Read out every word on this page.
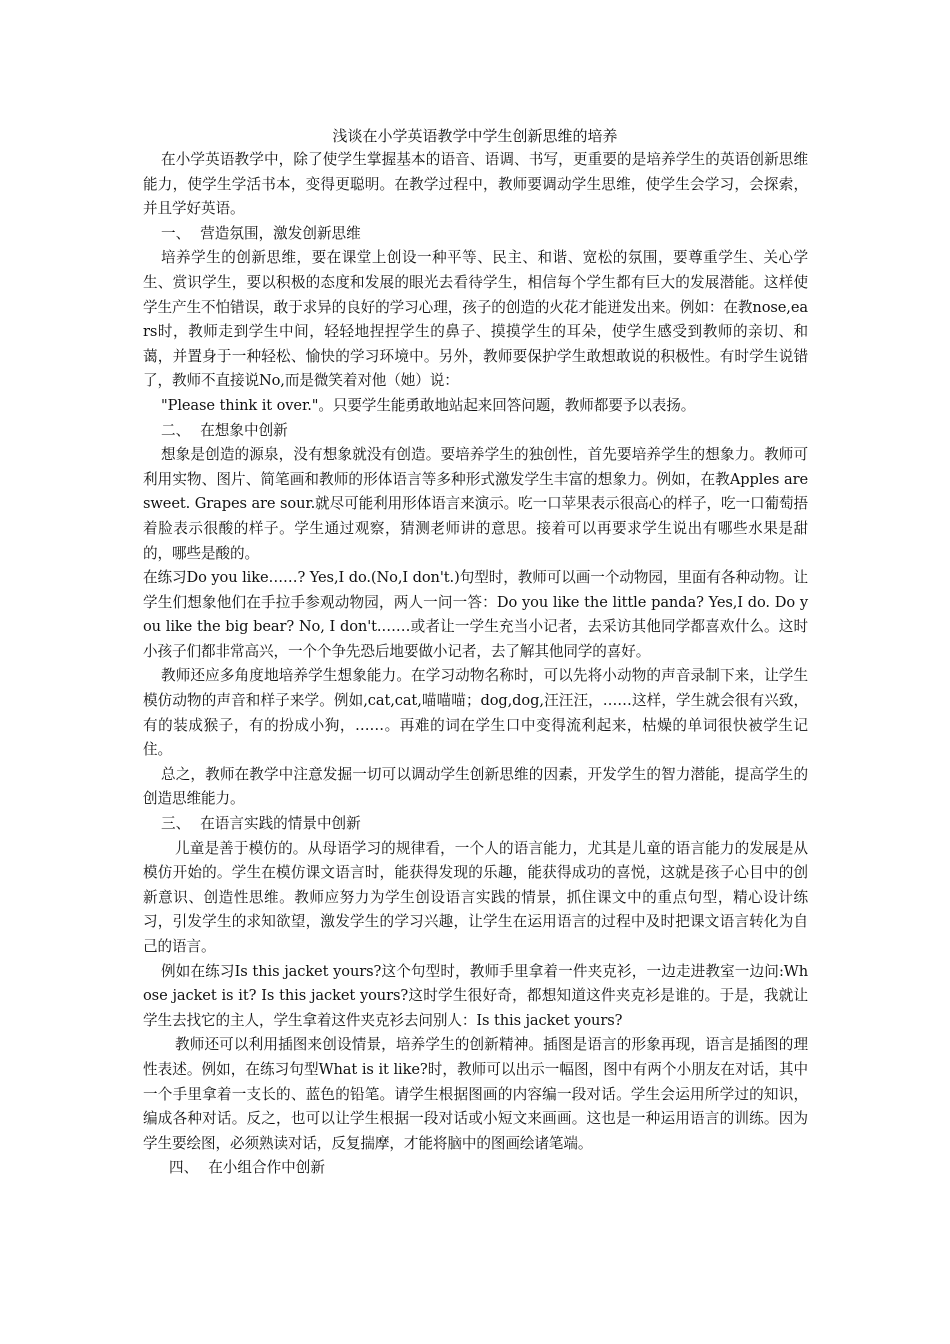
浅谈在小学英语教学中学生创新思维的培养

在小学英语教学中，除了使学生掌握基本的语音、语调、书写，更重要的是培养学生的英语创新思维能力，使学生学活书本，变得更聪明。在教学过程中，教师要调动学生思维，使学生会学习，会探索，并且学好英语。

一、 营造氛围，激发创新思维

培养学生的创新思维，要在课堂上创设一种平等、民主、和谐、宽松的氛围，要尊重学生、关心学生、赏识学生，要以积极的态度和发展的眼光去看待学生，相信每个学生都有巨大的发展潜能。这样使学生产生不怕错误，敢于求异的良好的学习心理，孩子的创造的火花才能迸发出来。例如：在教nose,ears时，教师走到学生中间，轻轻地捏捏学生的鼻子、摸摸学生的耳朵，使学生感受到教师的亲切、和蔼，并置身于一种轻松、愉快的学习环境中。另外，教师要保护学生敢想敢说的积极性。有时学生说错了，教师不直接说No,而是微笑着对他（她）说：

"Please think it over."。只要学生能勇敢地站起来回答问题，教师都要予以表扬。

二、 在想象中创新

想象是创造的源泉，没有想象就没有创造。要培养学生的独创性，首先要培养学生的想象力。教师可利用实物、图片、简笔画和教师的形体语言等多种形式激发学生丰富的想象力。例如，在教Apples are sweet. Grapes are sour.就尽可能利用形体语言来演示。吃一口苹果表示很高心的样子，吃一口葡萄捂着脸表示很酸的样子。学生通过观察，猜测老师讲的意思。接着可以再要求学生说出有哪些水果是甜的，哪些是酸的。

在练习Do you like……? Yes,I do.(No,I don't.)句型时，教师可以画一个动物园，里面有各种动物。让学生们想象他们在手拉手参观动物园，两人一问一答：Do you like the little panda? Yes,I do. Do you like the big bear? No, I don't.……或者让一学生充当小记者，去采访其他同学都喜欢什么。这时小孩子们都非常高兴，一个个争先恐后地要做小记者，去了解其他同学的喜好。

教师还应多角度地培养学生想象能力。在学习动物名称时，可以先将小动物的声音录制下来，让学生模仿动物的声音和样子来学。例如,cat,cat,喵喵喵；dog,dog,汪汪汪，……这样，学生就会很有兴致，有的装成猴子，有的扮成小狗，……。再难的词在学生口中变得流利起来，枯燥的单词很快被学生记住。

总之，教师在教学中注意发掘一切可以调动学生创新思维的因素，开发学生的智力潜能，提高学生的创造思维能力。

三、 在语言实践的情景中创新

儿童是善于模仿的。从母语学习的规律看，一个人的语言能力，尤其是儿童的语言能力的发展是从模仿开始的。学生在模仿课文语言时，能获得发现的乐趣，能获得成功的喜悦，这就是孩子心目中的创新意识、创造性思维。教师应努力为学生创设语言实践的情景，抓住课文中的重点句型，精心设计练习，引发学生的求知欲望，激发学生的学习兴趣，让学生在运用语言的过程中及时把课文语言转化为自己的语言。

例如在练习Is this jacket yours?这个句型时，教师手里拿着一件夹克衫，一边走进教室一边问:Whose jacket is it? Is this jacket yours?这时学生很好奇，都想知道这件夹克衫是谁的。于是，我就让学生去找它的主人，学生拿着这件夹克衫去问别人：Is this jacket yours?

教师还可以利用插图来创设情景，培养学生的创新精神。插图是语言的形象再现，语言是插图的理性表述。例如，在练习句型What is it like?时，教师可以出示一幅图，图中有两个小朋友在对话，其中一个手里拿着一支长的、蓝色的铅笔。请学生根据图画的内容编一段对话。学生会运用所学过的知识，编成各种对话。反之，也可以让学生根据一段对话或小短文来画画。这也是一种运用语言的训练。因为学生要绘图，必须熟读对话，反复揣摩，才能将脑中的图画绘诸笔端。

四、 在小组合作中创新
